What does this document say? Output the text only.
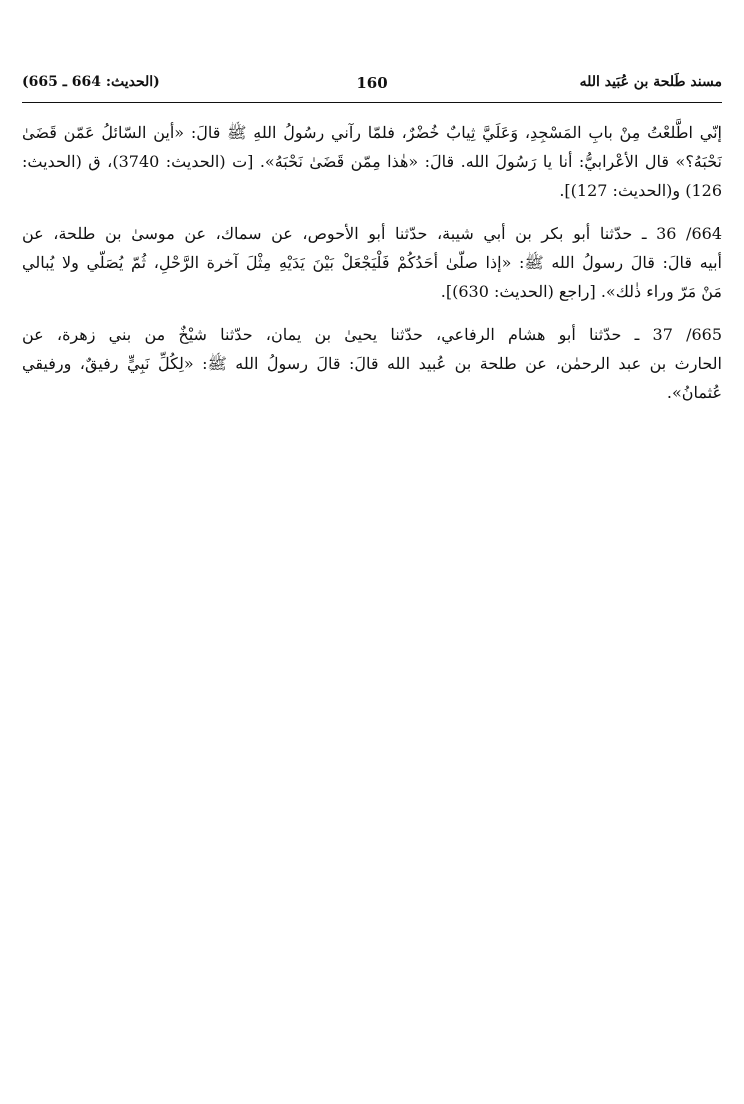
مسند طَلحة بن عُبَيد الله
160
(الحديث: 664 ـ 665)

إنّي اطَّلعْتُ مِنْ بابِ المَسْجِدِ، وَعَلَيَّ ثِيابٌ خُضْرٌ، فلمّا رآني رسُولُ اللهِ ﷺ قالَ: «أين السّائلُ عَمّن قَضَىٰ
نَحْبَهُ؟» قال الأعْرابيُّ: أنا يا رَسُولَ الله. قالَ: «هٰذا مِمّن قَضَىٰ نَحْبَهُ». [ت (الحديث: 3740)، ق (الحديث:
126) و(الحديث: 127)].

664/ 36 ـ حدّثنا أبو بكر بن أبي شيبة، حدّثنا أبو الأحوص، عن سماك، عن موسىٰ بن طلحة، عن
أبيه قالَ: قالَ رسولُ الله ﷺ: «إذا صلّىٰ أحَدُكُمْ فَلْيَجْعَلْ بَيْنَ يَدَيْهِ مِثْلَ آخرة الرَّحْلِ، ثُمّ يُصَلّي ولا يُبالي
مَنْ مَرّ وراء ذٰلك». [راجع (الحديث: 630)].

665/ 37 ـ حدّثنا أبو هشام الرفاعي، حدّثنا يحيىٰ بن يمان، حدّثنا شيْخٌ من بني زهرة، عن
الحارث بن عبد الرحمٰن، عن طلحة بن عُبيد الله قالَ: قالَ رسولُ الله ﷺ: «لِكُلِّ نَبِيٍّ رفيقٌ، ورفيقي
عُثمانُ».
